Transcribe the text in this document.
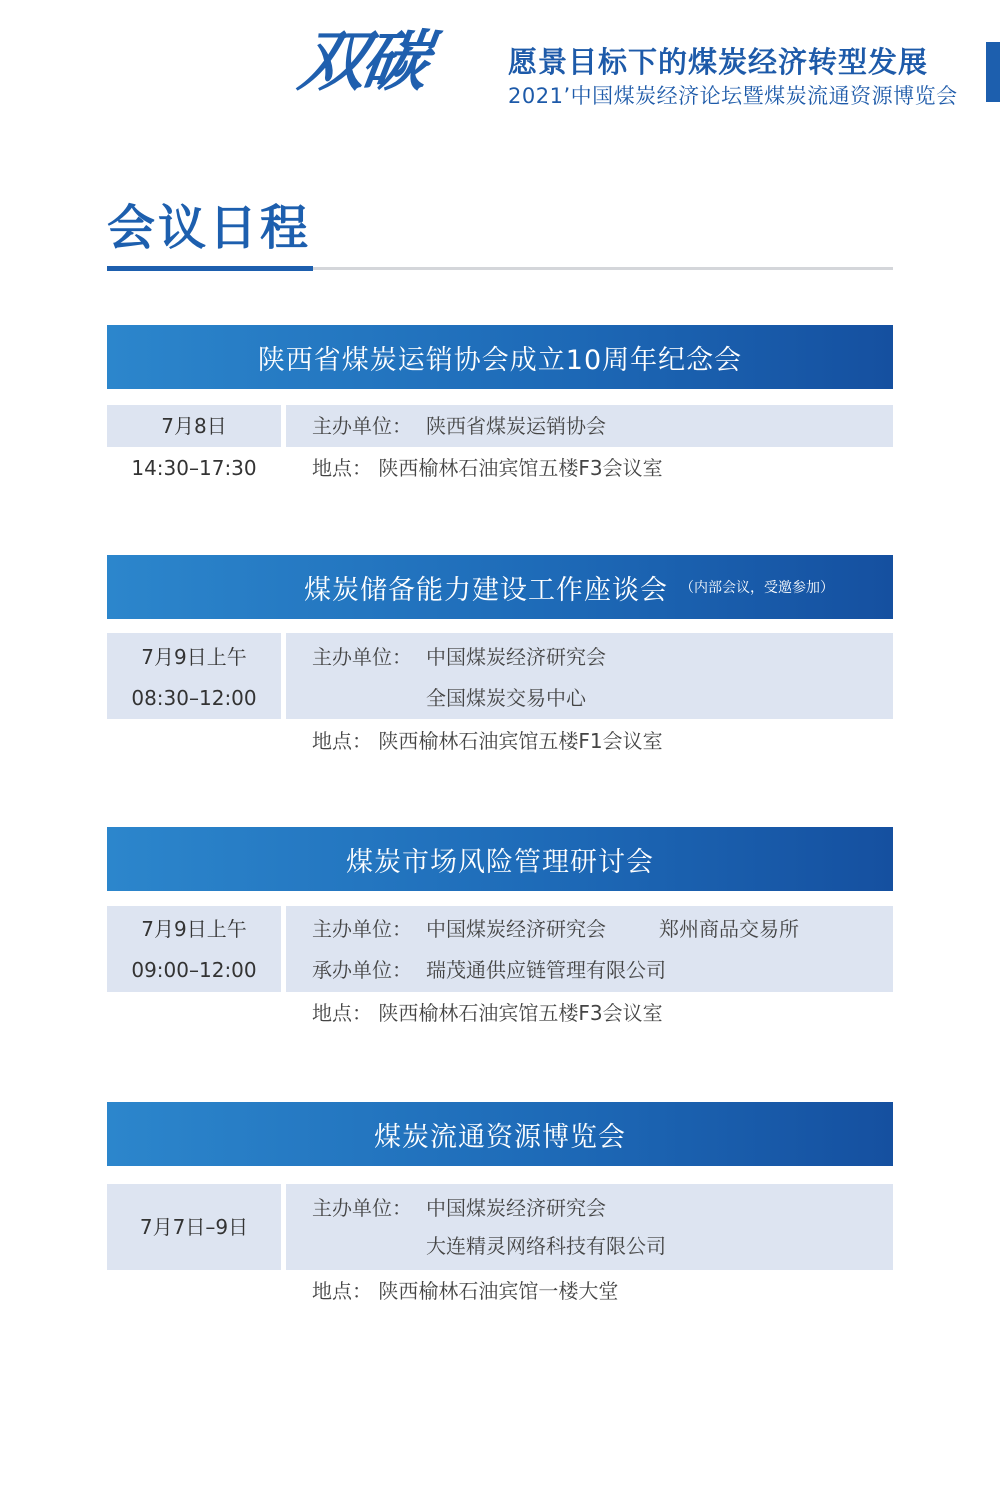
双碳	愿景目标下的煤炭经济转型发展
2021’中国煤炭经济论坛暨煤炭流通资源博览会
会议日程
陕西省煤炭运销协会成立10周年纪念会
7月8日
14:30–17:30
主办单位： 陕西省煤炭运销协会
地点： 陕西榆林石油宾馆五楼F3会议室
煤炭储备能力建设工作座谈会 （内部会议，受邀参加）
7月9日上午
08:30–12:00
主办单位： 中国煤炭经济研究会
全国煤炭交易中心
地点： 陕西榆林石油宾馆五楼F1会议室
煤炭市场风险管理研讨会
7月9日上午
09:00–12:00
主办单位： 中国煤炭经济研究会	郑州商品交易所
承办单位： 瑞茂通供应链管理有限公司
地点： 陕西榆林石油宾馆五楼F3会议室
煤炭流通资源博览会
7月7日–9日
主办单位： 中国煤炭经济研究会
大连精灵网络科技有限公司
地点： 陕西榆林石油宾馆一楼大堂
